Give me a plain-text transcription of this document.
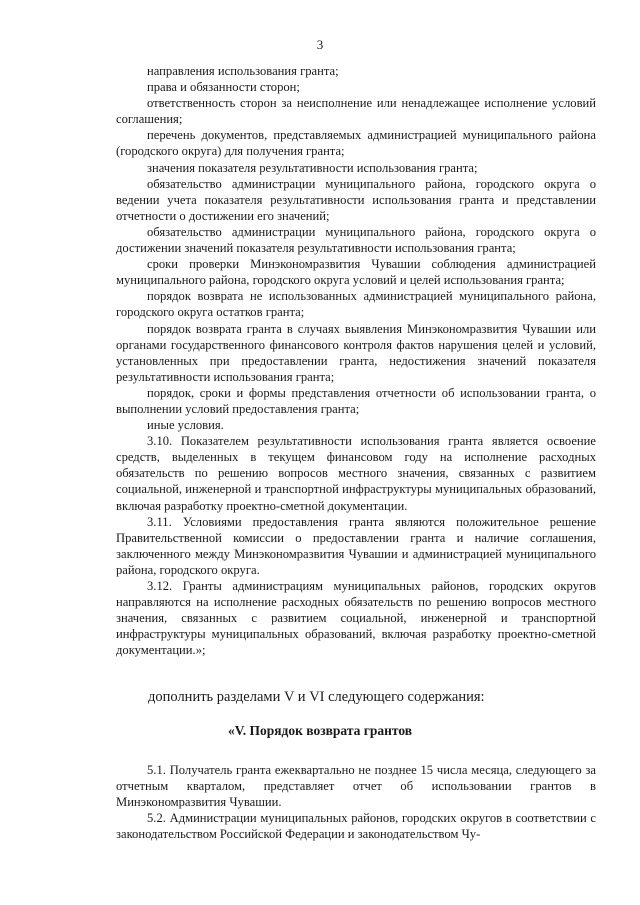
3

направления использования гранта;

права и обязанности сторон;

ответственность сторон за неисполнение или ненадлежащее исполнение условий соглашения;

перечень документов, представляемых администрацией муниципального района (городского округа) для получения гранта;

значения показателя результативности использования гранта;

обязательство администрации муниципального района, городского округа о ведении учета показателя результативности использования гранта и представлении отчетности о достижении его значений;

обязательство администрации муниципального района, городского округа о достижении значений показателя результативности использования гранта;

сроки проверки Минэкономразвития Чувашии соблюдения администрацией муниципального района, городского округа условий и целей использования гранта;

порядок возврата не использованных администрацией муниципального района, городского округа остатков гранта;

порядок возврата гранта в случаях выявления Минэкономразвития Чувашии или органами государственного финансового контроля фактов нарушения целей и условий, установленных при предоставлении гранта, недостижения значений показателя результативности использования гранта;

порядок, сроки и формы представления отчетности об использовании гранта, о выполнении условий предоставления гранта;

иные условия.

3.10. Показателем результативности использования гранта является освоение средств, выделенных в текущем финансовом году на исполнение расходных обязательств по решению вопросов местного значения, связанных с развитием социальной, инженерной и транспортной инфраструктуры муниципальных образований, включая разработку проектно-сметной документации.

3.11. Условиями предоставления гранта являются положительное решение Правительственной комиссии о предоставлении гранта и наличие соглашения, заключенного между Минэкономразвития Чувашии и администрацией муниципального района, городского округа.

3.12. Гранты администрациям муниципальных районов, городских округов направляются на исполнение расходных обязательств по решению вопросов местного значения, связанных с развитием социальной, инженерной и транспортной инфраструктуры муниципальных образований, включая разработку проектно-сметной документации.»;

дополнить разделами V и VI следующего содержания:
«V. Порядок возврата грантов

5.1. Получатель гранта ежеквартально не позднее 15 числа месяца, следующего за отчетным кварталом, представляет отчет об использовании грантов в Минэкономразвития Чувашии.

5.2. Администрации муниципальных районов, городских округов в соответствии с законодательством Российской Федерации и законодательством Чу-
